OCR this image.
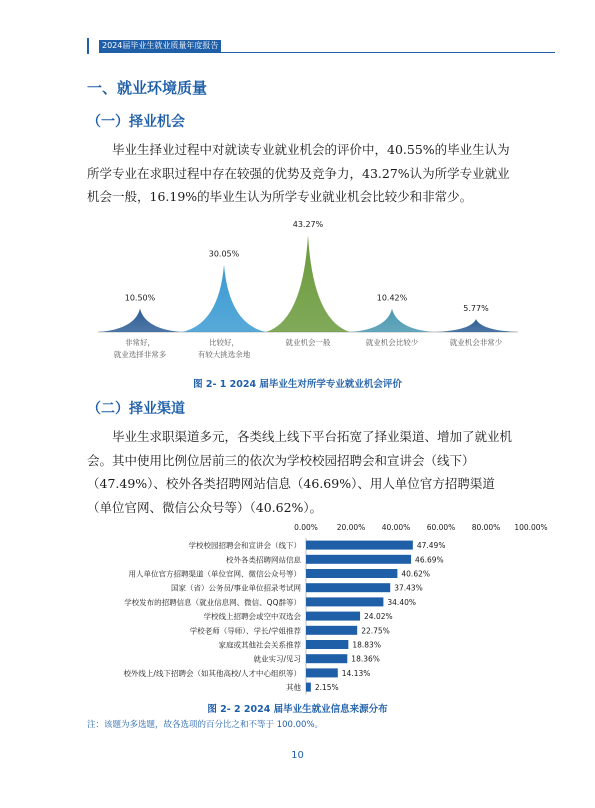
2024届毕业生就业质量年度报告
一、就业环境质量
（一）择业机会

毕业生择业过程中对就读专业就业机会的评价中，40.55%的毕业生认为所学专业在求职过程中存在较强的优势及竞争力，43.27%认为所学专业就业机会一般，16.19%的毕业生认为所学专业就业机会比较少和非常少。

10.50%
非常好，
就业选择非常多
30.05%
比较好，
有较大挑选余地
43.27%
就业机会一般
10.42%
就业机会比较少
5.77%
就业机会非常少
图 2- 1 2024 届毕业生对所学专业就业机会评价
（二）择业渠道

毕业生求职渠道多元，各类线上线下平台拓宽了择业渠道、增加了就业机会。其中使用比例位居前三的依次为学校校园招聘会和宣讲会（线下）（47.49%）、校外各类招聘网站信息（46.69%）、用人单位官方招聘渠道（单位官网、微信公众号等）（40.62%）。

0.00%	20.00% 40.00% 60.00% 80.00% 100.00%
47.49%
学校校园招聘会和宣讲会（线下）
46.69%
校外各类招聘网站信息
40.62%
用人单位官方招聘渠道（单位官网、微信公众号等）
37.43%
国家（省）公务员/事业单位招录考试网
34.40%
学校发布的招聘信息（就业信息网、微信、QQ群等）
24.02%
学校线上招聘会或空中双选会
22.75%
学校老师（导师）、学长/学姐推荐
18.83%
家庭或其他社会关系推荐
18.36%
就业实习/见习
14.13%
校外线上/线下招聘会（如其他高校/人才中心组织等）
2.15%
其他
图 2- 2 2024 届毕业生就业信息来源分布
注：该题为多选题，故各选项的百分比之和不等于 100.00%。
10
